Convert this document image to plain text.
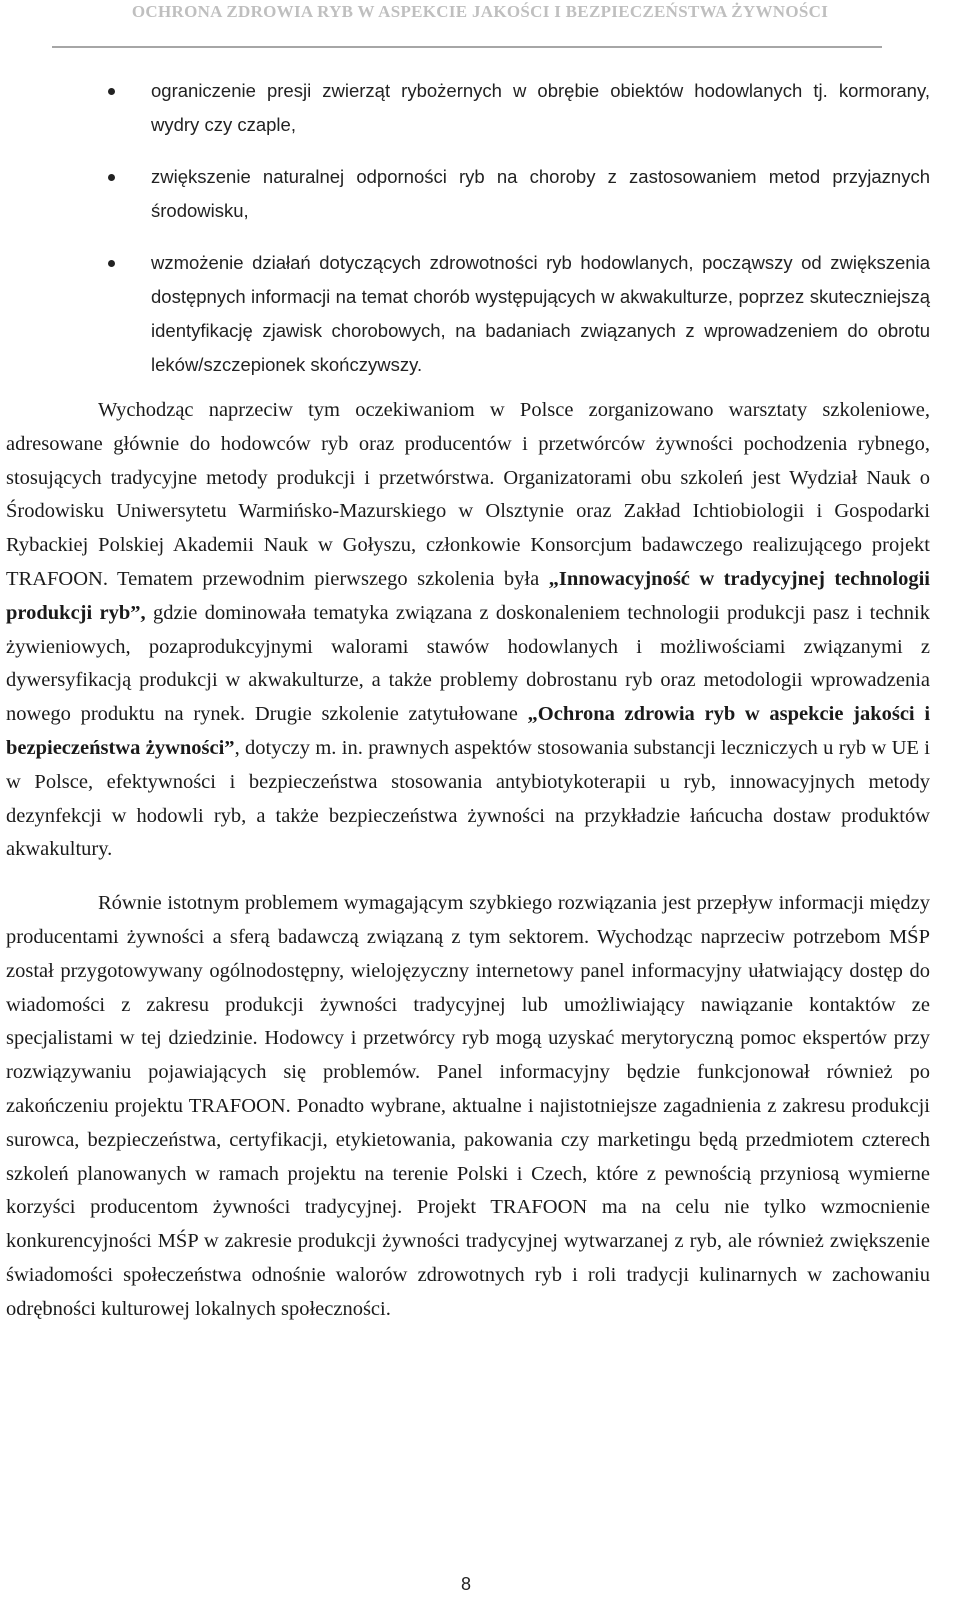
OCHRONA ZDROWIA RYB W ASPEKCIE JAKOŚCI I BEZPIECZEŃSTWA ŻYWNOŚCI
ograniczenie presji zwierząt rybożernych w obrębie obiektów hodowlanych tj. kormorany, wydry czy czaple,
zwiększenie naturalnej odporności ryb na choroby z zastosowaniem metod przyjaznych środowisku,
wzmożenie działań dotyczących zdrowotności ryb hodowlanych, począwszy od zwiększenia dostępnych informacji na temat chorób występujących w akwakulturze, poprzez skuteczniejszą identyfikację zjawisk chorobowych, na badaniach związanych z wprowadzeniem do obrotu leków/szczepionek skończywszy.

Wychodząc naprzeciw tym oczekiwaniom w Polsce zorganizowano warsztaty szkoleniowe, adresowane głównie do hodowców ryb oraz producentów i przetwórców żywności pochodzenia rybnego, stosujących tradycyjne metody produkcji i przetwórstwa. Organizatorami obu szkoleń jest Wydział Nauk o Środowisku Uniwersytetu Warmińsko-Mazurskiego w Olsztynie oraz Zakład Ichtiobiologii i Gospodarki Rybackiej Polskiej Akademii Nauk w Gołyszu, członkowie Konsorcjum badawczego realizującego projekt TRAFOON. Tematem przewodnim pierwszego szkolenia była „Innowacyjność w tradycyjnej technologii produkcji ryb”, gdzie dominowała tematyka związana z doskonaleniem technologii produkcji pasz i technik żywieniowych, pozaprodukcyjnymi walorami stawów hodowlanych i możliwościami związanymi z dywersyfikacją produkcji w akwakulturze, a także problemy dobrostanu ryb oraz metodologii wprowadzenia nowego produktu na rynek. Drugie szkolenie zatytułowane „Ochrona zdrowia ryb w aspekcie jakości i bezpieczeństwa żywności”, dotyczy m. in. prawnych aspektów stosowania substancji leczniczych u ryb w UE i w Polsce, efektywności i bezpieczeństwa stosowania antybiotykoterapii u ryb, innowacyjnych metody dezynfekcji w hodowli ryb, a także bezpieczeństwa żywności na przykładzie łańcucha dostaw produktów akwakultury.

Równie istotnym problemem wymagającym szybkiego rozwiązania jest przepływ informacji między producentami żywności a sferą badawczą związaną z tym sektorem. Wychodząc naprzeciw potrzebom MŚP został przygotowywany ogólnodostępny, wielojęzyczny internetowy panel informacyjny ułatwiający dostęp do wiadomości z zakresu produkcji żywności tradycyjnej lub umożliwiający nawiązanie kontaktów ze specjalistami w tej dziedzinie. Hodowcy i przetwórcy ryb mogą uzyskać merytoryczną pomoc ekspertów przy rozwiązywaniu pojawiających się problemów. Panel informacyjny będzie funkcjonował również po zakończeniu projektu TRAFOON. Ponadto wybrane, aktualne i najistotniejsze zagadnienia z zakresu produkcji surowca, bezpieczeństwa, certyfikacji, etykietowania, pakowania czy marketingu będą przedmiotem czterech szkoleń planowanych w ramach projektu na terenie Polski i Czech, które z pewnością przyniosą wymierne korzyści producentom żywności tradycyjnej. Projekt TRAFOON ma na celu nie tylko wzmocnienie konkurencyjności MŚP w zakresie produkcji żywności tradycyjnej wytwarzanej z ryb, ale również zwiększenie świadomości społeczeństwa odnośnie walorów zdrowotnych ryb i roli tradycji kulinarnych w zachowaniu odrębności kulturowej lokalnych społeczności.

8
